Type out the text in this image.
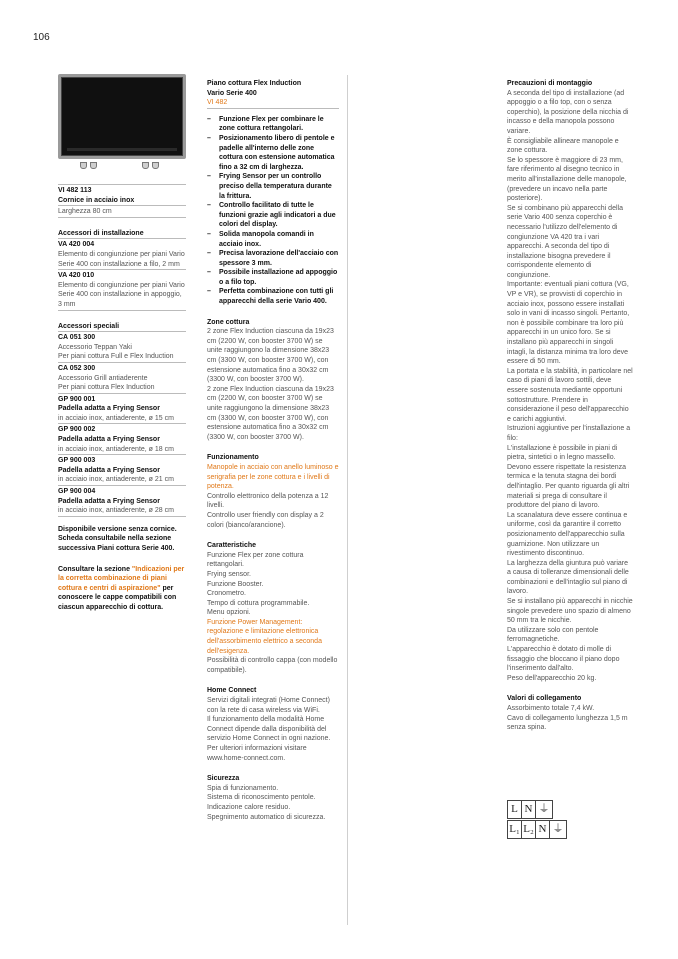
106
VI 482 113
Cornice in acciaio inox
Larghezza 80 cm
Accessori di installazione
VA 420 004
Elemento di congiunzione per piani Vario Serie 400 con installazione a filo, 2 mm
VA 420 010
Elemento di congiunzione per piani Vario Serie 400 con installazione in appoggio, 3 mm
Accessori speciali
CA 051 300
Accessorio Teppan Yaki
Per piani cottura Full e Flex Induction
CA 052 300
Accessorio Grill antiaderente
Per piani cottura Flex Induction
GP 900 001
Padella adatta a Frying Sensor
in acciaio inox, antiaderente, ø 15 cm
GP 900 002
Padella adatta a Frying Sensor
in acciaio inox, antiaderente, ø 18 cm
GP 900 003
Padella adatta a Frying Sensor
in acciaio inox, antiaderente, ø 21 cm
GP 900 004
Padella adatta a Frying Sensor
in acciaio inox, antiaderente, ø 28 cm
Disponibile versione senza cornice. Scheda consultabile nella sezione successiva Piani cottura Serie 400.
Consultare la sezione "Indicazioni per la corretta combinazione di piani cottura e centri di aspirazione" per conoscere le cappe compatibili con ciascun apparecchio di cottura.
Piano cottura Flex Induction
Vario Serie 400
VI 482
– Funzione Flex per combinare le zone cottura rettangolari.
– Posizionamento libero di pentole e padelle all'interno delle zone cottura con estensione automatica fino a 32 cm di larghezza.
– Frying Sensor per un controllo preciso della temperatura durante la frittura.
– Controllo facilitato di tutte le funzioni grazie agli indicatori a due colori del display.
– Solida manopola comandi in acciaio inox.
– Precisa lavorazione dell'acciaio con spessore 3 mm.
– Possibile installazione ad appoggio o a filo top.
– Perfetta combinazione con tutti gli apparecchi della serie Vario 400.
Zone cottura
2 zone Flex Induction ciascuna da 19x23 cm (2200 W, con booster 3700 W) se unite raggiungono la dimensione 38x23 cm (3300 W, con booster 3700 W), con estensione automatica fino a 30x32 cm (3300 W, con booster 3700 W).
2 zone Flex Induction ciascuna da 19x23 cm (2200 W, con booster 3700 W) se unite raggiungono la dimensione 38x23 cm (3300 W, con booster 3700 W), con estensione automatica fino a 30x32 cm (3300 W, con booster 3700 W).
Funzionamento
Manopole in acciaio con anello luminoso e serigrafia per le zone cottura e i livelli di potenza.
Controllo elettronico della potenza a 12 livelli.
Controllo user friendly con display a 2 colori (bianco/arancione).
Caratteristiche
Funzione Flex per zone cottura rettangolari.
Frying sensor.
Funzione Booster.
Cronometro.
Tempo di cottura programmabile.
Menu opzioni.
Funzione Power Management: regolazione e limitazione elettronica dell'assorbimento elettrico a seconda dell'esigenza.
Possibilità di controllo cappa (con modello compatibile).
Home Connect
Servizi digitali integrati (Home Connect) con la rete di casa wireless via WiFi.
Il funzionamento della modalità Home Connect dipende dalla disponibilità del servizio Home Connect in ogni nazione. Per ulteriori informazioni visitare www.home-connect.com.
Sicurezza
Spia di funzionamento.
Sistema di riconoscimento pentole.
Indicazione calore residuo.
Spegnimento automatico di sicurezza.
Precauzioni di montaggio
A seconda del tipo di installazione (ad appoggio o a filo top, con o senza coperchio), la posizione della nicchia di incasso e della manopola possono variare.
È consigliabile allineare manopole e zone cottura.
Se lo spessore è maggiore di 23 mm, fare riferimento al disegno tecnico in merito all'installazione delle manopole, (prevedere un incavo nella parte posteriore).
Se si combinano più apparecchi della serie Vario 400 senza coperchio è necessario l'utilizzo dell'elemento di congiunzione VA 420 tra i vari apparecchi. A seconda del tipo di installazione bisogna prevedere il corrispondente elemento di congiunzione.
Importante: eventuali piani cottura (VG, VP e VR), se provvisti di coperchio in acciaio inox, possono essere installati solo in vani di incasso singoli. Pertanto, non è possibile combinare tra loro più apparecchi in un unico foro. Se si installano più apparecchi in singoli intagli, la distanza minima tra loro deve essere di 50 mm.
La portata e la stabilità, in particolare nel caso di piani di lavoro sottili, deve essere sostenuta mediante opportuni sottostrutture. Prendere in considerazione il peso dell'apparecchio e carichi aggiuntivi.
Istruzioni aggiuntive per l'installazione a filo:
L'installazione è possibile in piani di pietra, sintetici o in legno massello. Devono essere rispettate la resistenza termica e la tenuta stagna dei bordi dell'intaglio. Per quanto riguarda gli altri materiali si prega di consultare il produttore del piano di lavoro.
La scanalatura deve essere continua e uniforme, così da garantire il corretto posizionamento dell'apparecchio sulla guarnizione. Non utilizzare un rivestimento discontinuo.
La larghezza della giuntura può variare a causa di tolleranze dimensionali delle combinazioni e dell'intaglio sul piano di lavoro.
Se si installano più apparecchi in nicchie singole prevedere uno spazio di almeno 50 mm tra le nicchie.
Da utilizzare solo con pentole ferromagnetiche.
L'apparecchio è dotato di molle di fissaggio che bloccano il piano dopo l'inserimento dall'alto.
Peso dell'apparecchio 20 kg.
Valori di collegamento
Assorbimento totale 7,4 kW.
Cavo di collegamento lunghezza 1,5 m senza spina.
L N ⏚
L₁ L₂ N ⏚
